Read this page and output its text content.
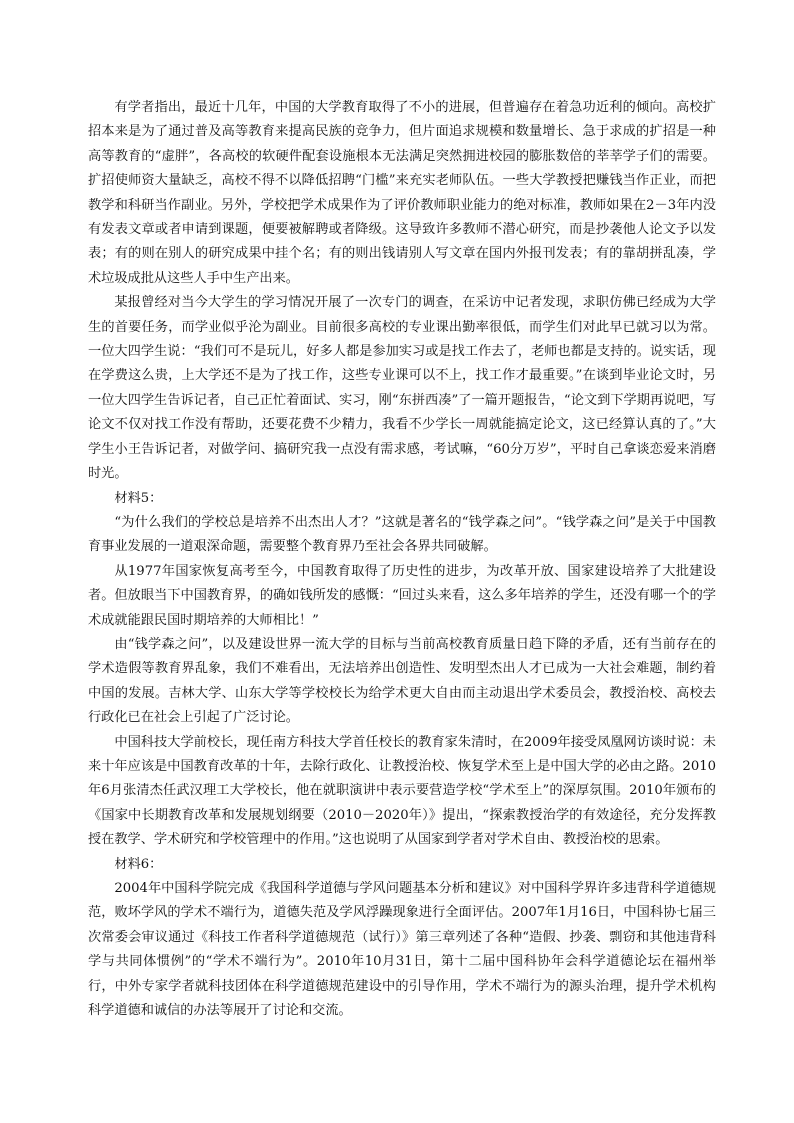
有学者指出，最近十几年，中国的大学教育取得了不小的进展，但普遍存在着急功近利的倾向。高校扩招本来是为了通过普及高等教育来提高民族的竞争力，但片面追求规模和数量增长、急于求成的扩招是一种高等教育的“虚胖”，各高校的软硬件配套设施根本无法满足突然拥进校园的膨胀数倍的莘莘学子们的需要。扩招使师资大量缺乏，高校不得不以降低招聘“门槛”来充实老师队伍。一些大学教授把赚钱当作正业，而把教学和科研当作副业。另外，学校把学术成果作为了评价教师职业能力的绝对标准，教师如果在2－3年内没有发表文章或者申请到课题，便要被解聘或者降级。这导致许多教师不潜心研究，而是抄袭他人论文予以发表；有的则在别人的研究成果中挂个名；有的则出钱请别人写文章在国内外报刊发表；有的靠胡拼乱凑，学术垃圾成批从这些人手中生产出来。

某报曾经对当今大学生的学习情况开展了一次专门的调查，在采访中记者发现，求职仿佛已经成为大学生的首要任务，而学业似乎沦为副业。目前很多高校的专业课出勤率很低，而学生们对此早已就习以为常。一位大四学生说：“我们可不是玩儿，好多人都是参加实习或是找工作去了，老师也都是支持的。说实话，现在学费这么贵，上大学还不是为了找工作，这些专业课可以不上，找工作才最重要。”在谈到毕业论文时，另一位大四学生告诉记者，自己正忙着面试、实习，刚“东拼西凑”了一篇开题报告，“论文到下学期再说吧，写论文不仅对找工作没有帮助，还要花费不少精力，我看不少学长一周就能搞定论文，这已经算认真的了。”大学生小王告诉记者，对做学问、搞研究我一点没有需求感，考试嘛，“60分万岁”，平时自己拿谈恋爱来消磨时光。

材料5：

“为什么我们的学校总是培养不出杰出人才？”这就是著名的“钱学森之问”。“钱学森之问”是关于中国教育事业发展的一道艰深命题，需要整个教育界乃至社会各界共同破解。

从1977年国家恢复高考至今，中国教育取得了历史性的进步，为改革开放、国家建设培养了大批建设者。但放眼当下中国教育界，的确如钱所发的感慨：“回过头来看，这么多年培养的学生，还没有哪一个的学术成就能跟民国时期培养的大师相比！”

由“钱学森之问”，以及建设世界一流大学的目标与当前高校教育质量日趋下降的矛盾，还有当前存在的学术造假等教育界乱象，我们不难看出，无法培养出创造性、发明型杰出人才已成为一大社会难题，制约着中国的发展。吉林大学、山东大学等学校校长为给学术更大自由而主动退出学术委员会，教授治校、高校去行政化已在社会上引起了广泛讨论。

中国科技大学前校长，现任南方科技大学首任校长的教育家朱清时，在2009年接受凤凰网访谈时说：未来十年应该是中国教育改革的十年，去除行政化、让教授治校、恢复学术至上是中国大学的必由之路。2010年6月张清杰任武汉理工大学校长，他在就职演讲中表示要营造学校“学术至上”的深厚氛围。2010年颁布的《国家中长期教育改革和发展规划纲要（2010－2020年）》提出，“探索教授治学的有效途径，充分发挥教授在教学、学术研究和学校管理中的作用。”这也说明了从国家到学者对学术自由、教授治校的思索。

材料6：

2004年中国科学院完成《我国科学道德与学风问题基本分析和建议》对中国科学界许多违背科学道德规范，败坏学风的学术不端行为，道德失范及学风浮躁现象进行全面评估。2007年1月16日，中国科协七届三次常委会审议通过《科技工作者科学道德规范（试行）》第三章列述了各种“造假、抄袭、剽窃和其他违背科学与共同体惯例”的“学术不端行为”。2010年10月31日，第十二届中国科协年会科学道德论坛在福州举行，中外专家学者就科技团体在科学道德规范建设中的引导作用，学术不端行为的源头治理，提升学术机构科学道德和诚信的办法等展开了讨论和交流。
